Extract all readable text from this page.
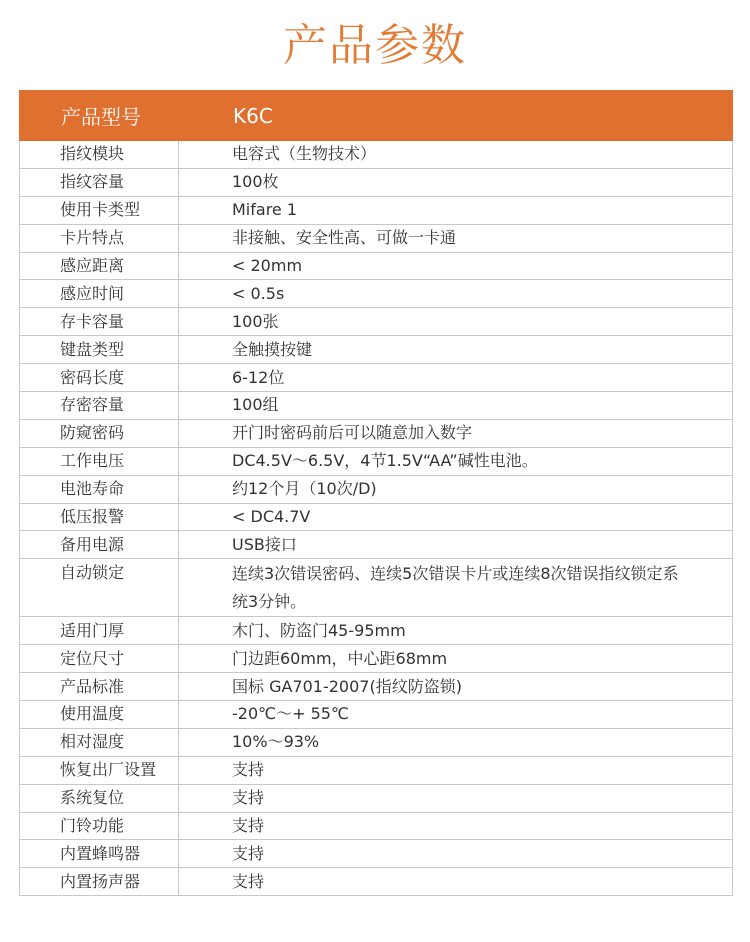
产品参数
产品型号	K6C
指纹模块	电容式（生物技术）
指纹容量	100枚
使用卡类型	Mifare 1
卡片特点	非接触、安全性高、可做一卡通
感应距离	< 20mm
感应时间	< 0.5s
存卡容量	100张
键盘类型	全触摸按键
密码长度	6-12位
存密容量	100组
防窥密码	开门时密码前后可以随意加入数字
工作电压	DC4.5V～6.5V，4节1.5V“AA”碱性电池。
电池寿命	约12个月（10次/D)
低压报警	< DC4.7V
备用电源	USB接口
自动锁定	连续3次错误密码、连续5次错误卡片或连续8次错误指纹锁定系统3分钟。
适用门厚	木门、防盗门45-95mm
定位尺寸	门边距60mm，中心距68mm
产品标准	国标 GA701-2007(指纹防盗锁)
使用温度	-20℃～+ 55℃
相对湿度	10%～93%
恢复出厂设置	支持
系统复位	支持
门铃功能	支持
内置蜂鸣器	支持
内置扬声器	支持
